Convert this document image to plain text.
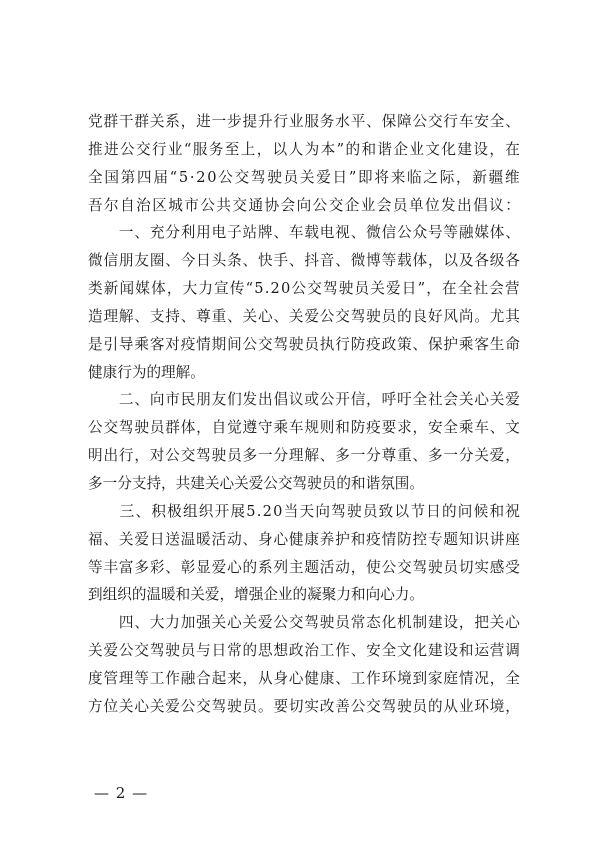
党 群 干 群 关 系 ， 进 一 步 提 升 行 业 服 务 水 平 、 保 障 公 交 行 车 安 全 、
推 进 公 交 行 业 “ 服 务 至 上 ， 以 人 为 本 ” 的 和 谐 企 业 文 化 建 设 ， 在
全 国 第 四 届 “ 5 · 2 0 公 交 驾 驶 员 关 爱 日 ” 即 将 来 临 之 际 ， 新 疆 维
吾 尔 自 治 区 城 市 公 共 交 通 协 会 向 公 交 企 业 会 员 单 位 发 出 倡 议 ：

一 、 充 分 利 用 电 子 站 牌 、 车 载 电 视 、 微 信 公 众 号 等 融 媒 体 、
微 信 朋 友 圈 、 今 日 头 条 、 快 手 、 抖 音 、 微 博 等 载 体 ， 以 及 各 级 各
类 新 闻 媒 体 ， 大 力 宣 传 “ 5 . 2 0 公 交 驾 驶 员 关 爱 日 ” ， 在 全 社 会 营
造 理 解 、 支 持 、 尊 重 、 关 心 、 关 爱 公 交 驾 驶 员 的 良 好 风 尚 。 尤 其
是 引 导 乘 客 对 疫 情 期 间 公 交 驾 驶 员 执 行 防 疫 政 策 、 保 护 乘 客 生 命
健 康 行 为 的 理 解 。

二 、 向 市 民 朋 友 们 发 出 倡 议 或 公 开 信 ， 呼 吁 全 社 会 关 心 关 爱
公 交 驾 驶 员 群 体 ， 自 觉 遵 守 乘 车 规 则 和 防 疫 要 求 ， 安 全 乘 车 、 文
明 出 行 ， 对 公 交 驾 驶 员 多 一 分 理 解 、 多 一 分 尊 重 、 多 一 分 关 爱 ，
多 一 分 支 持 ， 共 建 关 心 关 爱 公 交 驾 驶 员 的 和 谐 氛 围 。

三 、 积 极 组 织 开 展 5 . 2 0 当 天 向 驾 驶 员 致 以 节 日 的 问 候 和 祝
福 、 关 爱 日 送 温 暖 活 动 、 身 心 健 康 养 护 和 疫 情 防 控 专 题 知 识 讲 座
等 丰 富 多 彩 、 彰 显 爱 心 的 系 列 主 题 活 动 ， 使 公 交 驾 驶 员 切 实 感 受
到 组 织 的 温 暖 和 关 爱 ， 增 强 企 业 的 凝 聚 力 和 向 心 力 。

四 、 大 力 加 强 关 心 关 爱 公 交 驾 驶 员 常 态 化 机 制 建 设 ， 把 关 心
关 爱 公 交 驾 驶 员 与 日 常 的 思 想 政 治 工 作 、 安 全 文 化 建 设 和 运 营 调
度 管 理 等 工 作 融 合 起 来 ， 从 身 心 健 康 、 工 作 环 境 到 家 庭 情 况 ， 全
方 位 关 心 关 爱 公 交 驾 驶 员 。 要 切 实 改 善 公 交 驾 驶 员 的 从 业 环 境 ，
— 2 —
